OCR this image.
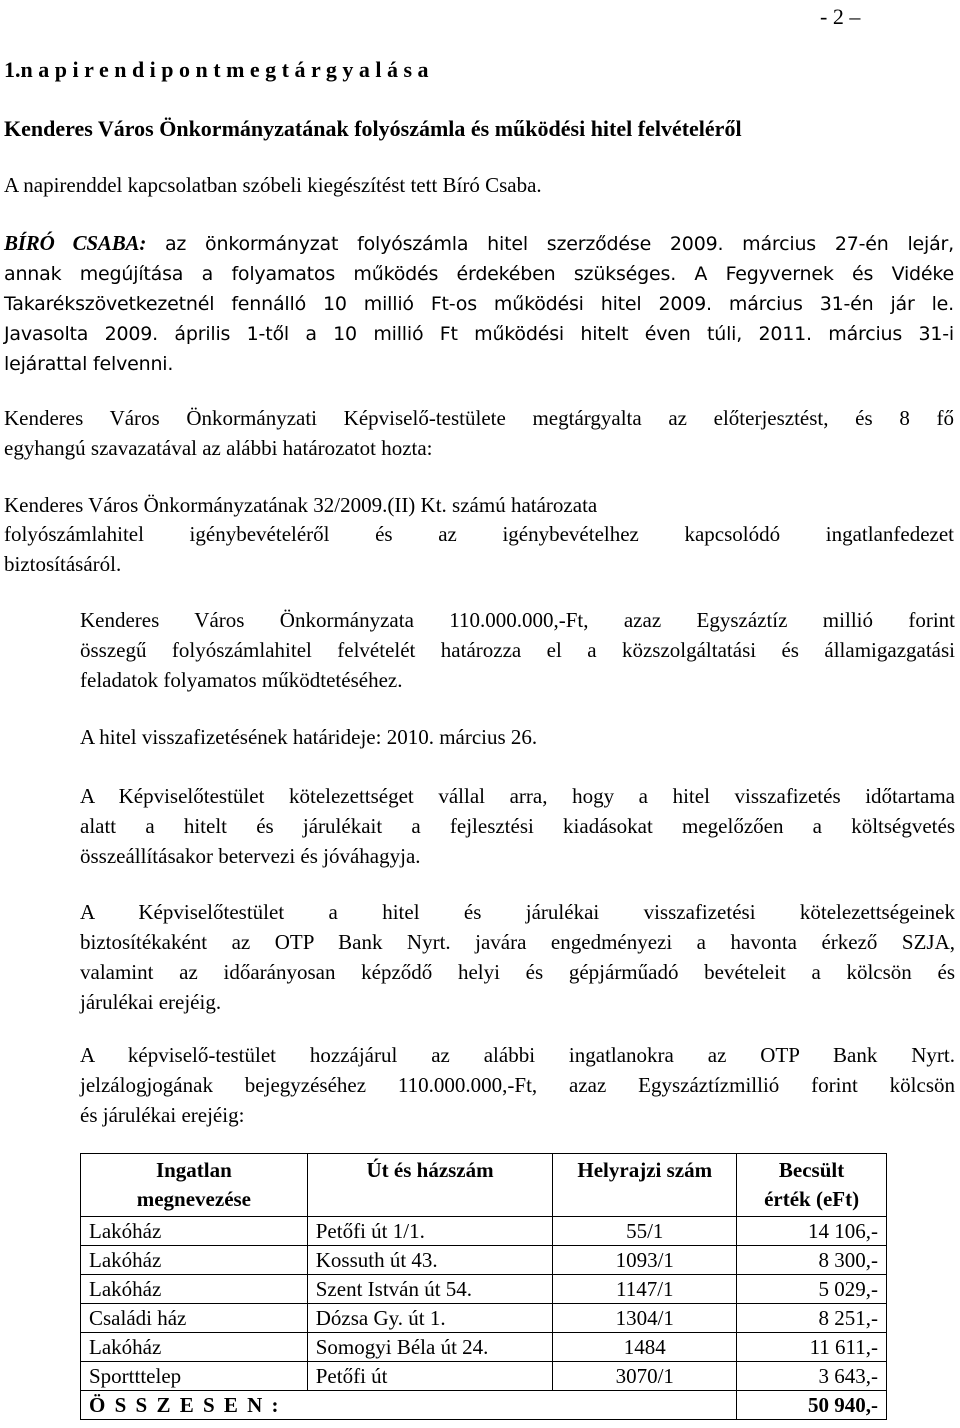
- 2 –
1.n a p i r e n d i p o n t m e g t á r g y a l á s a
Kenderes Város Önkormányzatának folyószámla és működési hitel felvételéről
A napirenddel kapcsolatban szóbeli kiegészítést tett Bíró Csaba.
BÍRÓ CSABA: az önkormányzat folyószámla hitel szerződése 2009. március 27-én lejár,
annak megújítása a folyamatos működés érdekében szükséges. A Fegyvernek és Vidéke
Takarékszövetkezetnél fennálló 10 millió Ft-os működési hitel 2009. március 31-én jár le.
Javasolta 2009. április 1-től a 10 millió Ft működési hitelt éven túli, 2011. március 31-i
lejárattal felvenni.
Kenderes Város Önkormányzati Képviselő-testülete megtárgyalta az előterjesztést, és 8 fő
egyhangú szavazatával az alábbi határozatot hozta:
Kenderes Város Önkormányzatának 32/2009.(II) Kt. számú határozata
folyószámlahitel igénybevételéről és az igénybevételhez kapcsolódó ingatlanfedezet
biztosításáról.
Kenderes Város Önkormányzata 110.000.000,-Ft, azaz Egyszáztíz millió forint
összegű folyószámlahitel felvételét határozza el a közszolgáltatási és államigazgatási
feladatok folyamatos működtetéséhez.
A hitel visszafizetésének határideje: 2010. március 26.
A Képviselőtestület kötelezettséget vállal arra, hogy a hitel visszafizetés időtartama
alatt a hitelt és járulékait a fejlesztési kiadásokat megelőzően a költségvetés
összeállításakor betervezi és jóváhagyja.
A Képviselőtestület a hitel és járulékai visszafizetési kötelezettségeinek
biztosítékaként az OTP Bank Nyrt. javára engedményezi a havonta érkező SZJA,
valamint az időarányosan képződő helyi és gépjárműadó bevételeit a kölcsön és
járulékai erejéig.
A képviselő-testület hozzájárul az alábbi ingatlanokra az OTP Bank Nyrt.
jelzálogjogának bejegyzéséhez 110.000.000,-Ft, azaz Egyszáztízmillió forint kölcsön
és járulékai erejéig:
Ingatlan
megnevezése	Út és házszám	Helyrajzi szám	Becsült
érték (eFt)
Lakóház	Petőfi út 1/1.	55/1	14 106,-
Lakóház	Kossuth út 43.	1093/1	8 300,-
Lakóház	Szent István út 54.	1147/1	5 029,-
Családi ház	Dózsa Gy. út 1.	1304/1	8 251,-
Lakóház	Somogyi Béla út 24.	1484	11 611,-
Sportttelep	Petőfi út	3070/1	3 643,-
Ö S S Z E S E N :			50 940,-
